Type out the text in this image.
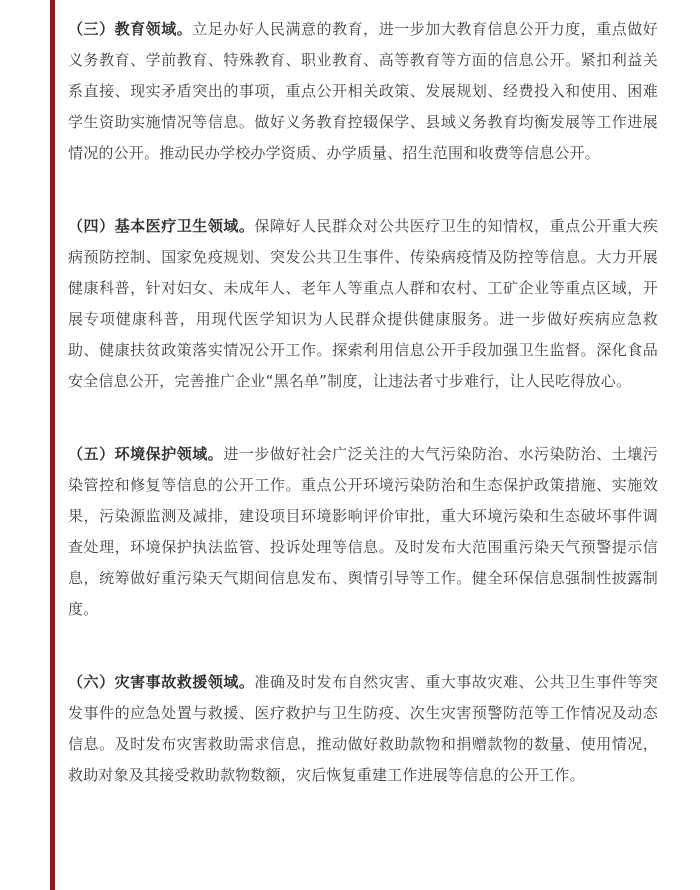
（三）教育领域。立足办好人民满意的教育，进一步加大教育信息公开力度，重点做好义务教育、学前教育、特殊教育、职业教育、高等教育等方面的信息公开。紧扣利益关系直接、现实矛盾突出的事项，重点公开相关政策、发展规划、经费投入和使用、困难学生资助实施情况等信息。做好义务教育控辍保学、县域义务教育均衡发展等工作进展情况的公开。推动民办学校办学资质、办学质量、招生范围和收费等信息公开。

（四）基本医疗卫生领域。保障好人民群众对公共医疗卫生的知情权，重点公开重大疾病预防控制、国家免疫规划、突发公共卫生事件、传染病疫情及防控等信息。大力开展健康科普，针对妇女、未成年人、老年人等重点人群和农村、工矿企业等重点区域，开展专项健康科普，用现代医学知识为人民群众提供健康服务。进一步做好疾病应急救助、健康扶贫政策落实情况公开工作。探索利用信息公开手段加强卫生监督。深化食品安全信息公开，完善推广企业“黑名单”制度，让违法者寸步难行，让人民吃得放心。

（五）环境保护领域。进一步做好社会广泛关注的大气污染防治、水污染防治、土壤污染管控和修复等信息的公开工作。重点公开环境污染防治和生态保护政策措施、实施效果，污染源监测及减排，建设项目环境影响评价审批，重大环境污染和生态破坏事件调查处理，环境保护执法监管、投诉处理等信息。及时发布大范围重污染天气预警提示信息，统筹做好重污染天气期间信息发布、舆情引导等工作。健全环保信息强制性披露制度。

（六）灾害事故救援领域。准确及时发布自然灾害、重大事故灾难、公共卫生事件等突发事件的应急处置与救援、医疗救护与卫生防疫、次生灾害预警防范等工作情况及动态信息。及时发布灾害救助需求信息，推动做好救助款物和捐赠款物的数量、使用情况，救助对象及其接受救助款物数额，灾后恢复重建工作进展等信息的公开工作。
